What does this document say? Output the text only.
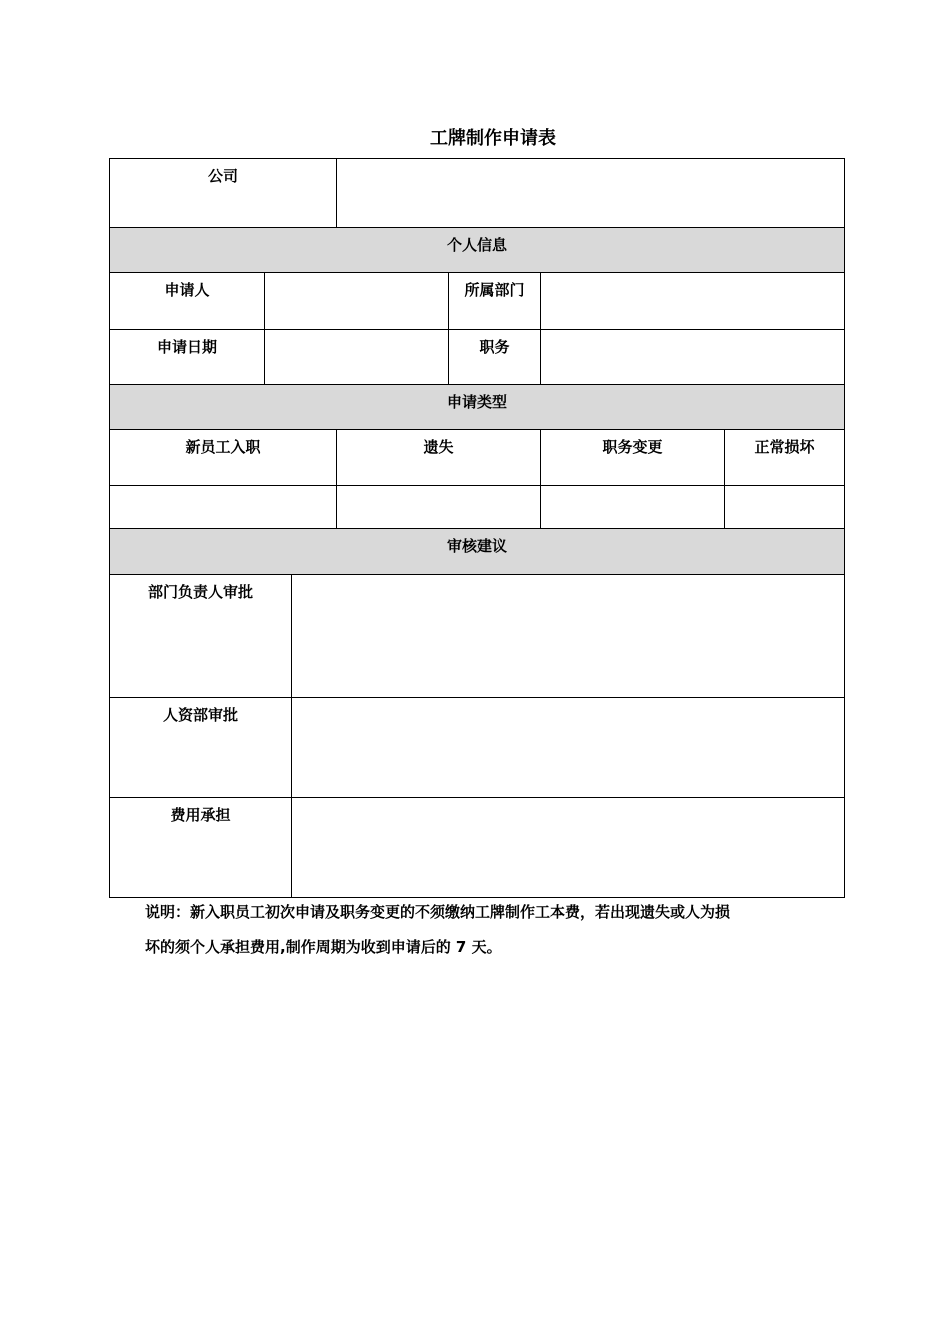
工牌制作申请表
公司
个人信息
申请人	所属部门
申请日期	职务
申请类型
新员工入职	遗失	职务变更	正常损坏
审核建议
部门负责人审批
人资部审批
费用承担
说明：新入职员工初次申请及职务变更的不须缴纳工牌制作工本费，若出现遗失或人为损
坏的须个人承担费用,制作周期为收到申请后的 7 天。
